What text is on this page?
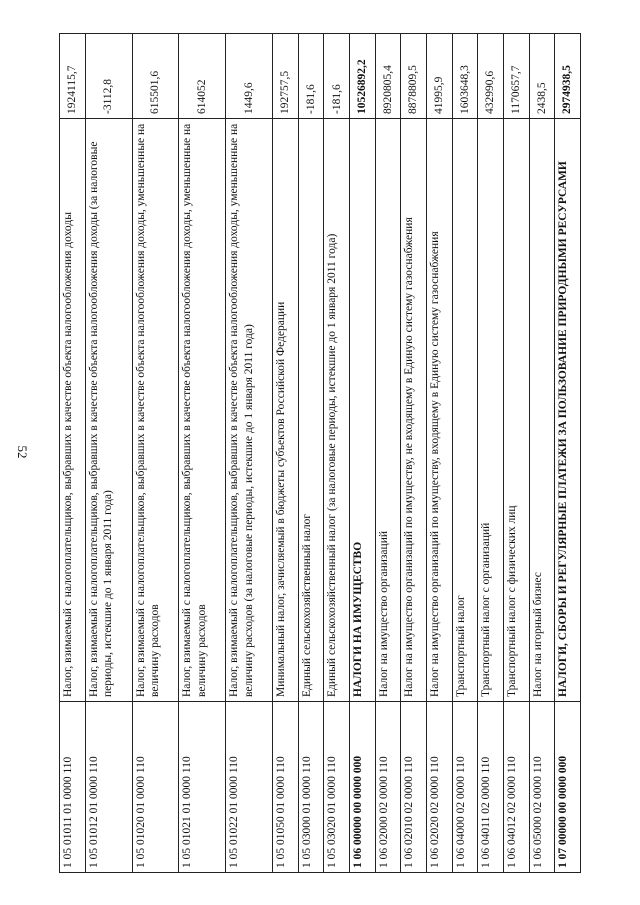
52
1 05 01011 01 0000 110	Налог, взимаемый с налогоплательщиков, выбравших в качестве объекта налогообложения доходы	1924115,7
1 05 01012 01 0000 110	Налог, взимаемый с налогоплательщиков, выбравших в качестве объекта налогообложения доходы (за налоговые периоды, истекшие до 1 января 2011 года)	-3112,8
1 05 01020 01 0000 110	Налог, взимаемый с налогоплательщиков, выбравших в качестве объекта налогообложения доходы, уменьшенные на величину расходов	615501,6
1 05 01021 01 0000 110	Налог, взимаемый с налогоплательщиков, выбравших в качестве объекта налогообложения доходы, уменьшенные на величину расходов	614052
1 05 01022 01 0000 110	Налог, взимаемый с налогоплательщиков, выбравших в качестве объекта налогообложения доходы, уменьшенные на величину расходов (за налоговые периоды, истекшие до 1 января 2011 года)	1449,6
1 05 01050 01 0000 110	Минимальный налог, зачисляемый в бюджеты субъектов Российской Федерации	192757,5
1 05 03000 01 0000 110	Единый сельскохозяйственный налог	-181,6
1 05 03020 01 0000 110	Единый сельскохозяйственный налог (за налоговые периоды, истекшие до 1 января 2011 года)	-181,6
1 06 00000 00 0000 000	НАЛОГИ НА ИМУЩЕСТВО	10526892,2
1 06 02000 02 0000 110	Налог на имущество организаций	8920805,4
1 06 02010 02 0000 110	Налог на имущество организаций по имуществу, не входящему в Единую систему газоснабжения	8878809,5
1 06 02020 02 0000 110	Налог на имущество организаций по имуществу, входящему в Единую систему газоснабжения	41995,9
1 06 04000 02 0000 110	Транспортный налог	1603648,3
1 06 04011 02 0000 110	Транспортный налог с организаций	432990,6
1 06 04012 02 0000 110	Транспортный налог с физических лиц	1170657,7
1 06 05000 02 0000 110	Налог на игорный бизнес	2438,5
1 07 00000 00 0000 000	НАЛОГИ, СБОРЫ И РЕГУЛЯРНЫЕ ПЛАТЕЖИ ЗА ПОЛЬЗОВАНИЕ ПРИРОДНЫМИ РЕСУРСАМИ	2974938,5
